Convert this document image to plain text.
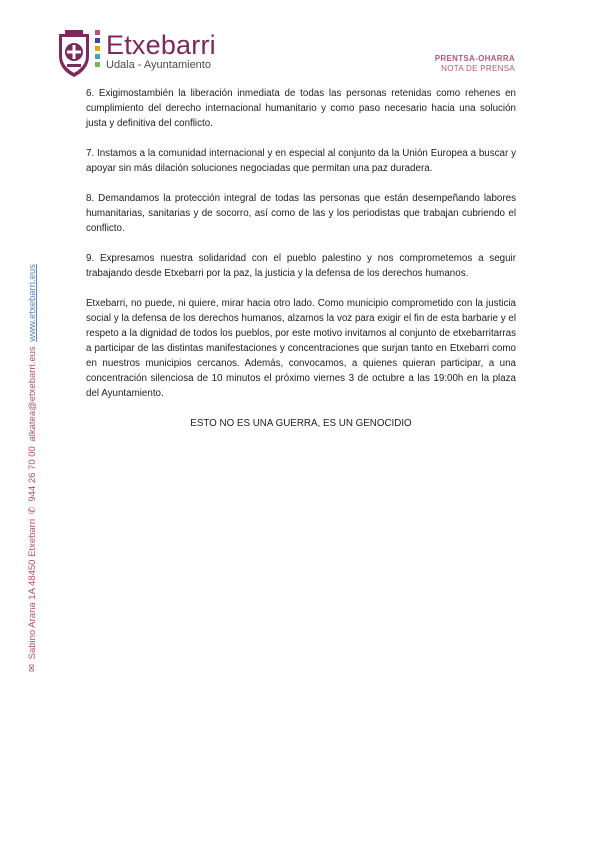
Etxebarri
Udala - Ayuntamiento
PRENTSA-OHARRA
NOTA DE PRENSA
✉ Sabino Arana 1A 48450 Etxebarri ✆ 944 26 70 00 alkatea@etxebarri.eus www.etxebarri.eus

6. Exigimostambién la liberación inmediata de todas las personas retenidas como rehenes en cumplimiento del derecho internacional humanitario y como paso necesario hacia una solución justa y definitiva del conflicto.

7. Instamos a la comunidad internacional y en especial al conjunto da la Unión Europea a buscar y apoyar sin más dilación soluciones negociadas que permitan una paz duradera.

8. Demandamos la protección integral de todas las personas que están desempeñando labores humanitarias, sanitarias y de socorro, así como de las y los periodistas que trabajan cubriendo el conflicto.

9. Expresamos nuestra solidaridad con el pueblo palestino y nos comprometemos a seguir trabajando desde Etxebarri por la paz, la justicia y la defensa de los derechos humanos.

Etxebarri, no puede, ni quiere, mirar hacia otro lado. Como municipio comprometido con la justicia social y la defensa de los derechos humanos, alzamos la voz para exigir el fin de esta barbarie y el respeto a la dignidad de todos los pueblos, por este motivo invitamos al conjunto de etxebarritarras a participar de las distintas manifestaciones y concentraciones que surjan tanto en Etxebarri como en nuestros municipios cercanos. Además, convocamos, a quienes quieran participar, a una concentración silenciosa de 10 minutos el próximo viernes 3 de octubre a las 19:00h en la plaza del Ayuntamiento.

ESTO NO ES UNA GUERRA, ES UN GENOCIDIO
